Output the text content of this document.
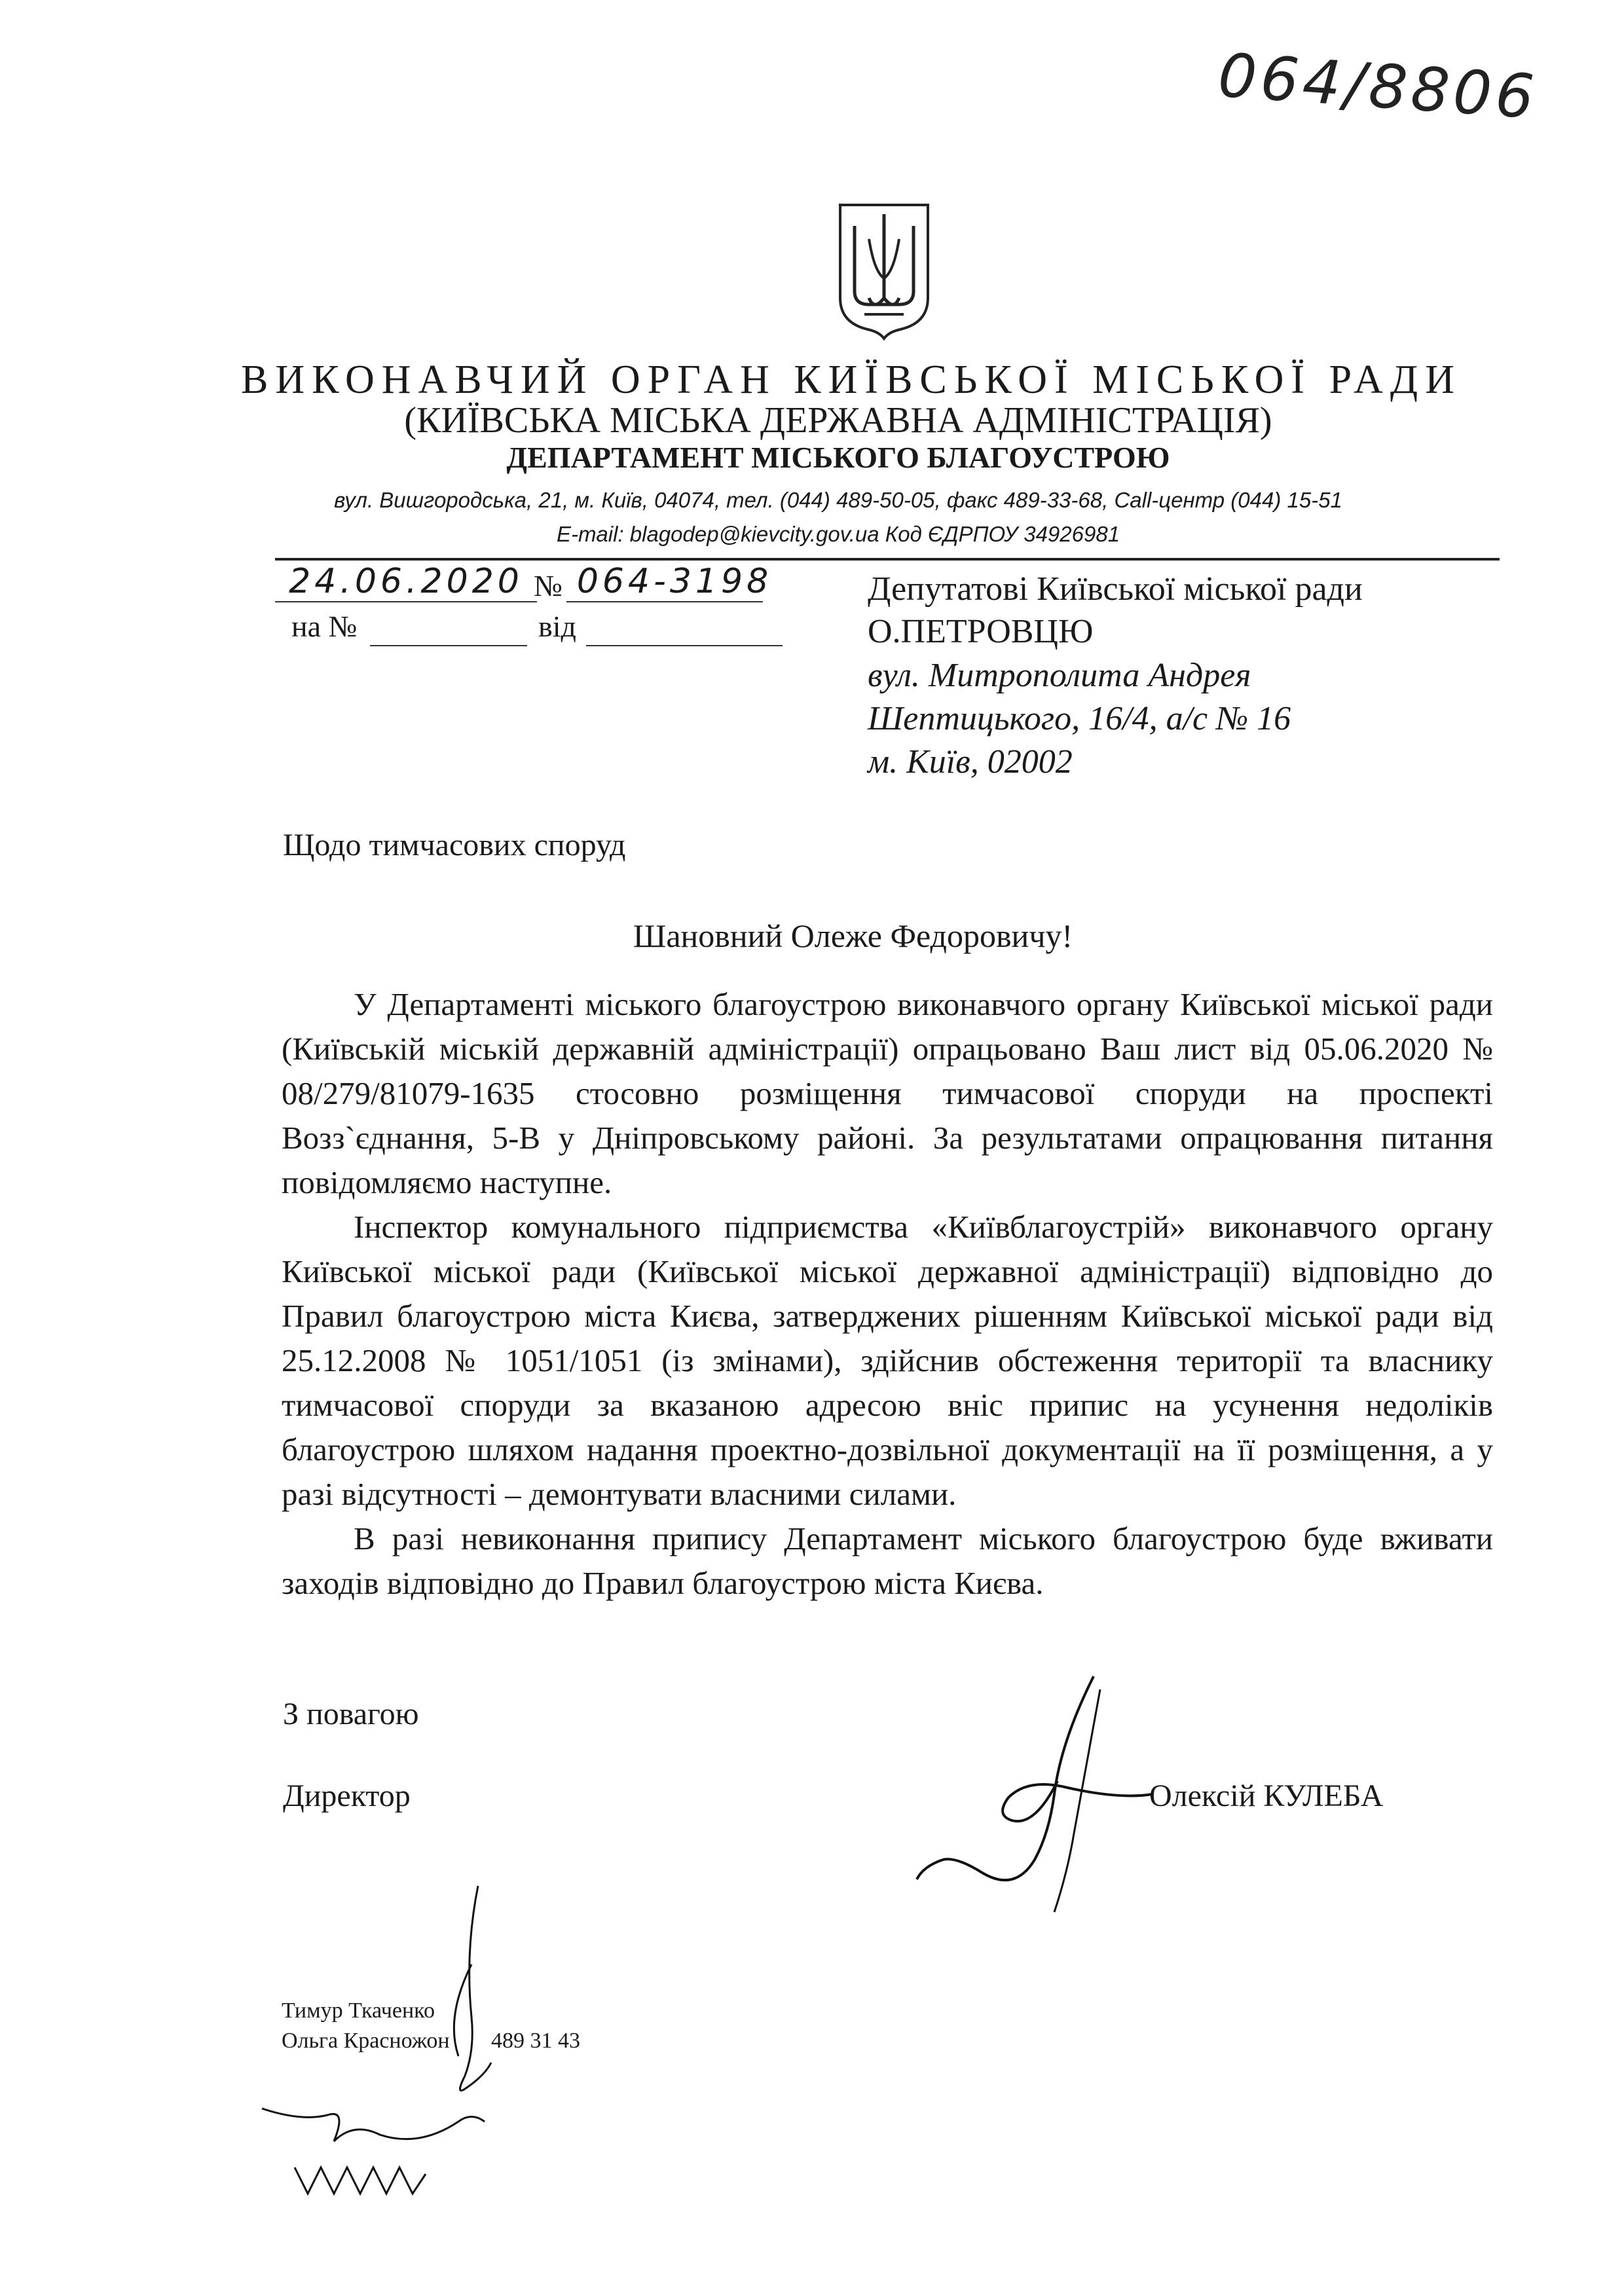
064/8806
ВИКОНАВЧИЙ ОРГАН КИЇВСЬКОЇ МІСЬКОЇ РАДИ
(КИЇВСЬКА МІСЬКА ДЕРЖАВНА АДМІНІСТРАЦІЯ)
ДЕПАРТАМЕНТ МІСЬКОГО БЛАГОУСТРОЮ
вул. Вишгородська, 21, м. Київ, 04074, тел. (044) 489-50-05, факс 489-33-68, Call-центр (044) 15-51
E-mail: blagodep@kievcity.gov.ua Код ЄДРПОУ 34926981
24.06.2020 № 064-3198
на №	від
Депутатові Київської міської ради
О.ПЕТРОВЦЮ
вул. Митрополита Андрея
Шептицького, 16/4, а/с № 16
м. Київ, 02002
Щодо тимчасових споруд
Шановний Олеже Федоровичу!

У Департаменті міського благоустрою виконавчого органу Київської міської ради (Київській міській державній адміністрації) опрацьовано Ваш лист від 05.06.2020 № 08/279/81079-1635 стосовно розміщення тимчасової споруди на проспекті Возз`єднання, 5-В у Дніпровському районі. За результатами опрацювання питання повідомляємо наступне.

Інспектор комунального підприємства «Київблагоустрій» виконавчого органу Київської міської ради (Київської міської державної адміністрації) відповідно до Правил благоустрою міста Києва, затверджених рішенням Київської міської ради від 25.12.2008 № 1051/1051 (із змінами), здійснив обстеження території та власнику тимчасової споруди за вказаною адресою вніс припис на усунення недоліків благоустрою шляхом надання проектно-дозвільної документації на її розміщення, а у разі відсутності – демонтувати власними силами.

В разі невиконання припису Департамент міського благоустрою буде вживати заходів відповідно до Правил благоустрою міста Києва.

З повагою
Директор	Олексій КУЛЕБА
Тимур Ткаченко
Ольга Красножон 489 31 43
